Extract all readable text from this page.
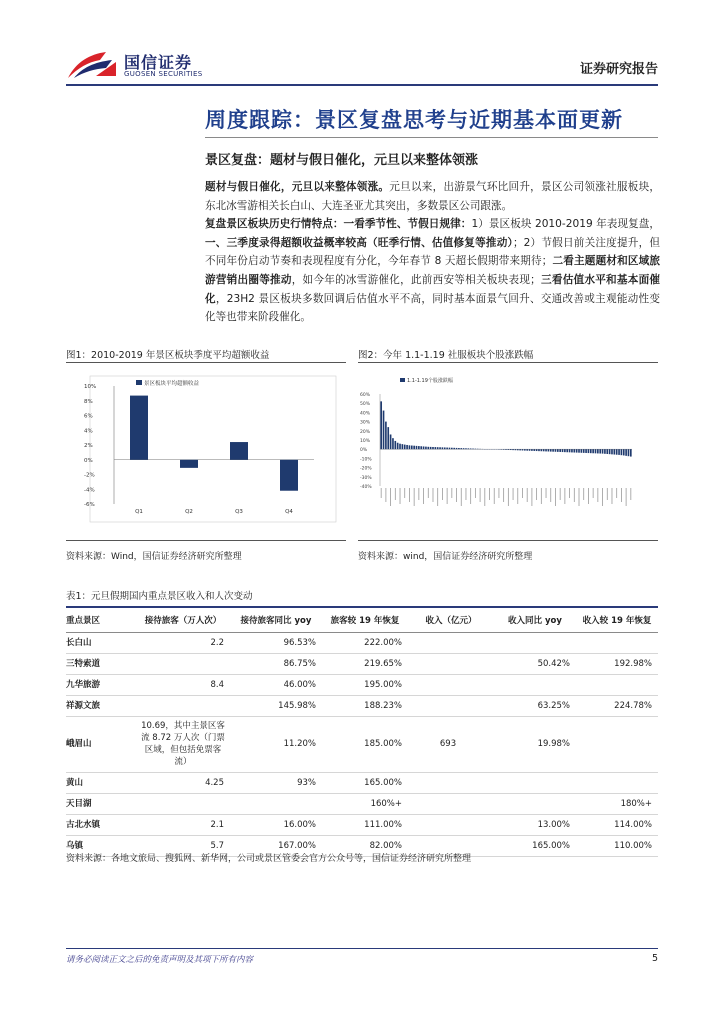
国信证券
GUOSEN SECURITIES	证券研究报告
周度跟踪：景区复盘思考与近期基本面更新
景区复盘：题材与假日催化，元旦以来整体领涨

题材与假日催化，元旦以来整体领涨。元旦以来，出游景气环比回升，景区公司领涨社服板块，东北冰雪游相关长白山、大连圣亚尤其突出，多数景区公司跟涨。

复盘景区板块历史行情特点：一看季节性、节假日规律：1）景区板块 2010-2019 年表现复盘，一、三季度录得超额收益概率较高（旺季行情、估值修复等推动）；2）节假日前关注度提升，但不同年份启动节奏和表现程度有分化，今年春节 8 天超长假期带来期待；二看主题题材和区域旅游营销出圈等推动，如今年的冰雪游催化，此前西安等相关板块表现；三看估值水平和基本面催化，23H2 景区板块多数回调后估值水平不高，同时基本面景气回升、交通改善或主观能动性变化等也带来阶段催化。

图1：2010-2019 年景区板块季度平均超额收益
10%
8%
6%
4%
2%
0%
-2%
-4%
-6%
景区板块平均超额收益
Q1	Q2	Q3	Q4
资料来源：Wind，国信证券经济研究所整理
图2：今年 1.1-1.19 社服板块个股涨跌幅
60%
50%
40%
30%
20%
10%
0%
-10%
-20%
-30%
-40%
1.1-1.19个股涨跌幅
资料来源：wind，国信证券经济研究所整理
表1：元旦假期国内重点景区收入和人次变动
重点景区	接待旅客（万人次）	接待旅客同比 yoy	旅客较 19 年恢复	收入（亿元）	收入同比 yoy	收入较 19 年恢复
长白山	2.2	96.53%	222.00%			
三特索道		86.75%	219.65%		50.42%	192.98%
九华旅游	8.4	46.00%	195.00%			
祥源文旅		145.98%	188.23%		63.25%	224.78%
峨眉山	10.69，其中主景区客流 8.72 万人次（门票区域，但包括免票客流）	11.20%	185.00%	693	19.98%	
黄山	4.25	93%	165.00%			
天目湖			160%+			180%+
古北水镇	2.1	16.00%	111.00%		13.00%	114.00%
乌镇	5.7	167.00%	82.00%		165.00%	110.00%
资料来源：各地文旅局、搜狐网、新华网，公司或景区管委会官方公众号等，国信证券经济研究所整理
请务必阅读正文之后的免责声明及其项下所有内容	5
